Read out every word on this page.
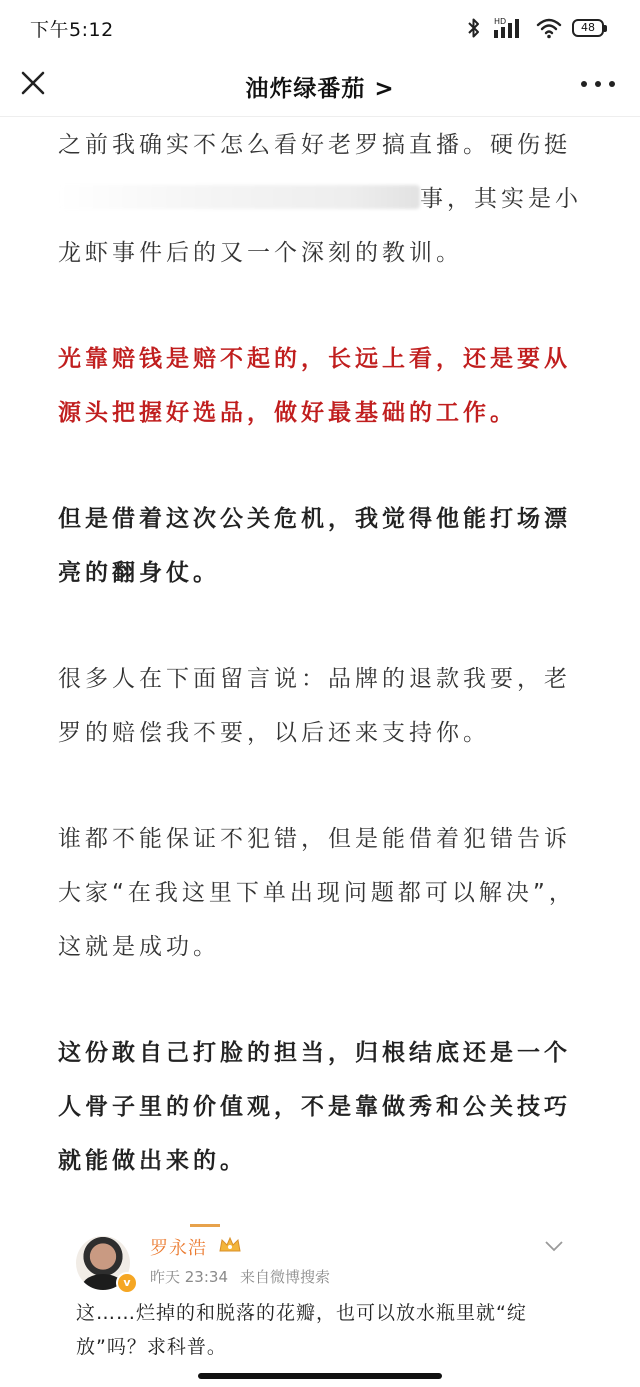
下午5:12	HD	48
油炸绿番茄 >

之前我确实不怎么看好老罗搞直播。硬伤挺
事，其实是小
龙虾事件后的又一个深刻的教训。

光靠赔钱是赔不起的，长远上看，还是要从源头把握好选品，做好最基础的工作。

但是借着这次公关危机，我觉得他能打场漂亮的翻身仗。

很多人在下面留言说：品牌的退款我要，老罗的赔偿我不要，以后还来支持你。

谁都不能保证不犯错，但是能借着犯错告诉大家“在我这里下单出现问题都可以解决”，这就是成功。

这份敢自己打脸的担当，归根结底还是一个人骨子里的价值观，不是靠做秀和公关技巧就能做出来的。

v
罗永浩
昨天 23:34 来自微博搜索

这……烂掉的和脱落的花瓣，也可以放水瓶里就“绽放”吗？求科普。
